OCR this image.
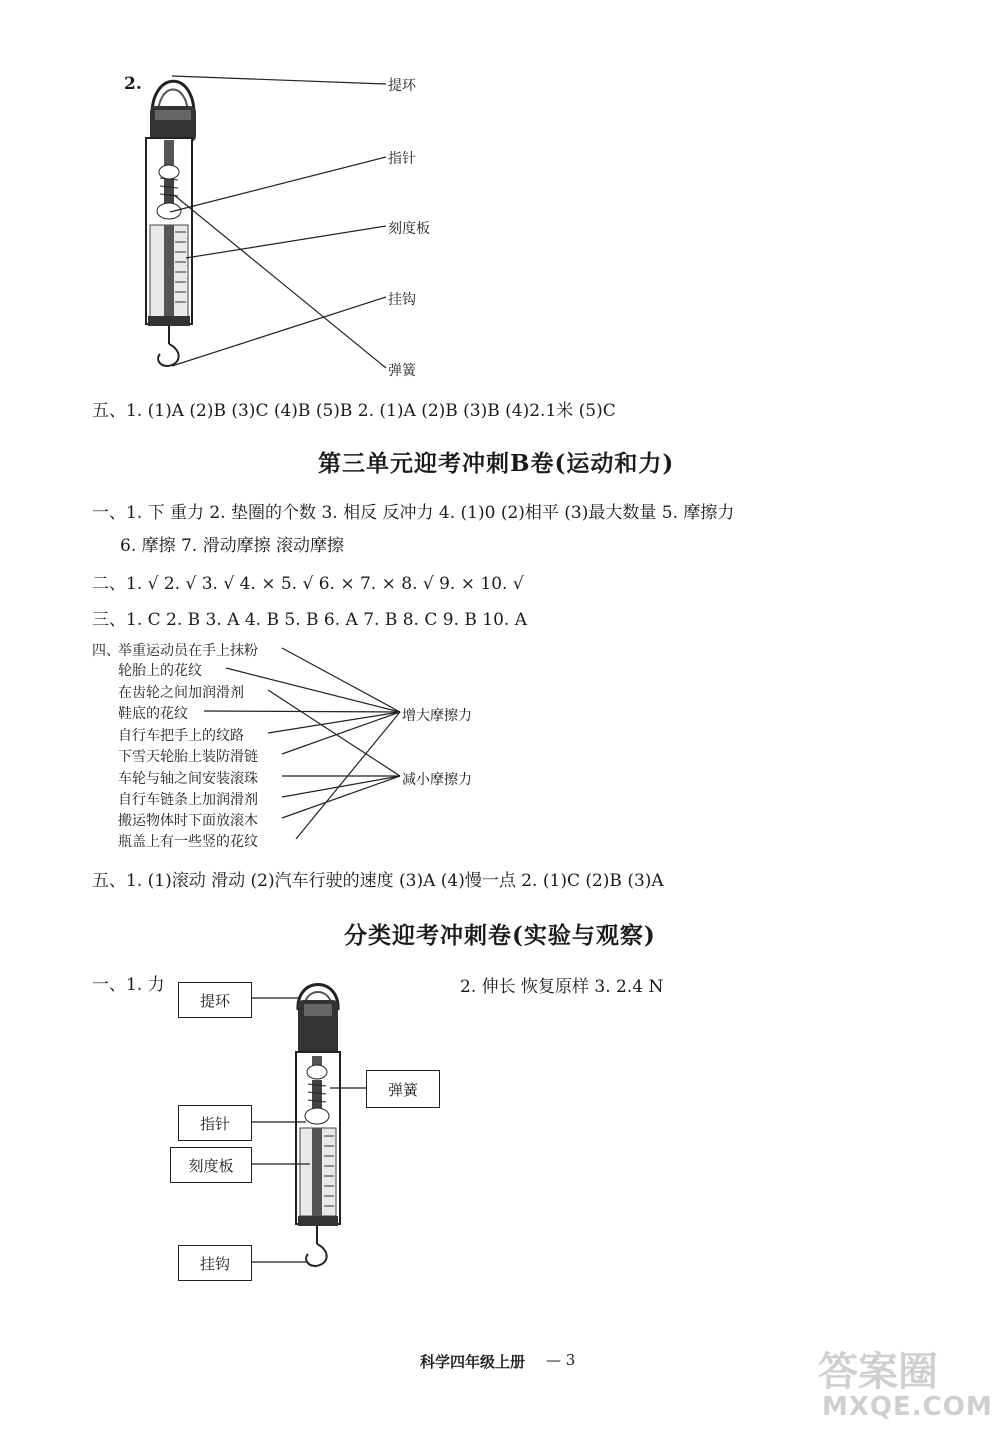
2.	提环
指针
刻度板
挂钩
弹簧
五、1. (1)A (2)B (3)C (4)B (5)B 2. (1)A (2)B (3)B (4)2.1米 (5)C
第三单元迎考冲刺B卷(运动和力)
一、1. 下 重力 2. 垫圈的个数 3. 相反 反冲力 4. (1)0 (2)相平 (3)最大数量 5. 摩擦力
6. 摩擦 7. 滑动摩擦 滚动摩擦
二、1. √ 2. √ 3. √ 4. × 5. √ 6. × 7. × 8. √ 9. × 10. √
三、1. C 2. B 3. A 4. B 5. B 6. A 7. B 8. C 9. B 10. A
四、
举重运动员在手上抹粉
轮胎上的花纹
在齿轮之间加润滑剂
鞋底的花纹
自行车把手上的纹路
下雪天轮胎上装防滑链
车轮与轴之间安装滚珠
自行车链条上加润滑剂
搬运物体时下面放滚木
瓶盖上有一些竖的花纹
增大摩擦力
减小摩擦力
五、1. (1)滚动 滑动 (2)汽车行驶的速度 (3)A (4)慢一点 2. (1)C (2)B (3)A
分类迎考冲刺卷(实验与观察)
一、1. 力	2. 伸长 恢复原样 3. 2.4 N
提环
弹簧
指针
刻度板
挂钩
科学四年级上册 — 3	答案圈
MXQE.COM
